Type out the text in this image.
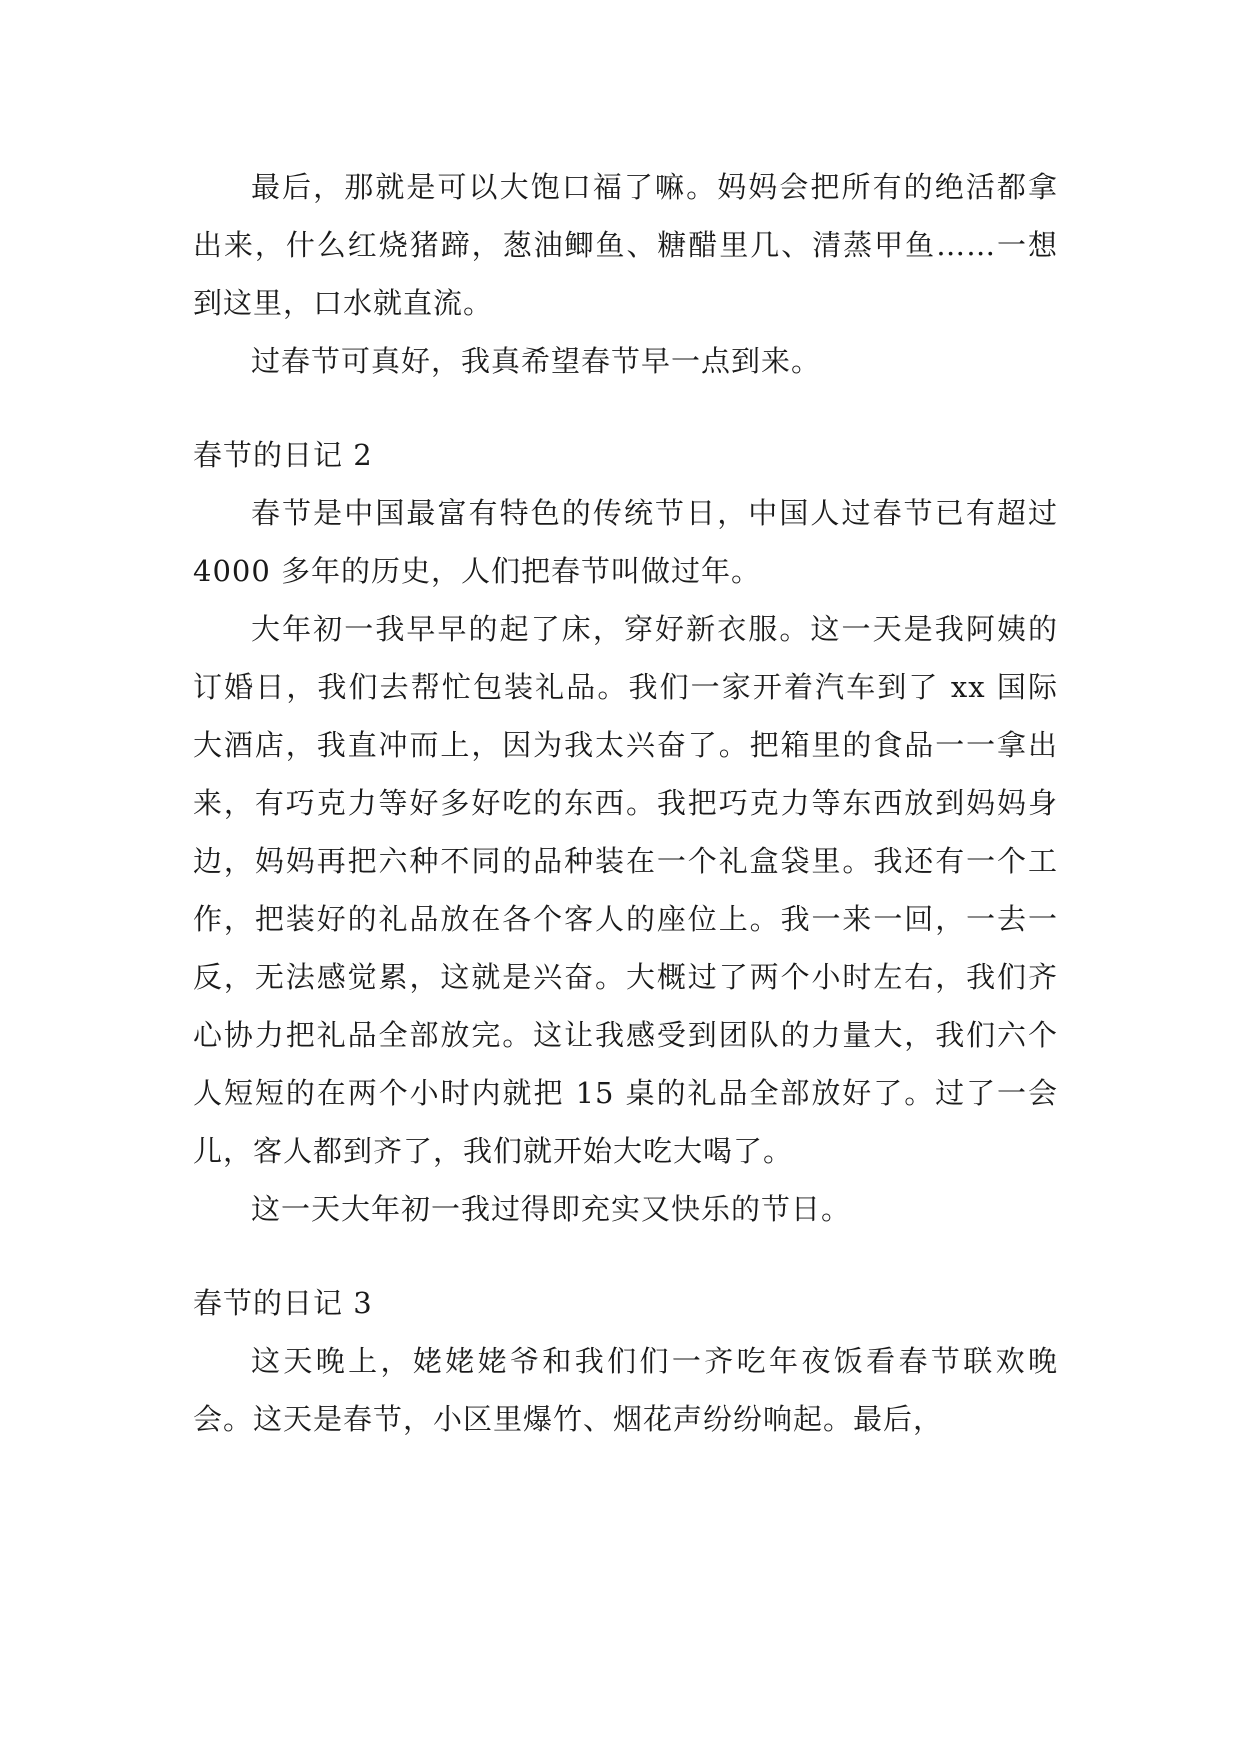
最后，那就是可以大饱口福了嘛。妈妈会把所有的绝活都拿出来，什么红烧猪蹄，葱油鲫鱼、糖醋里几、清蒸甲鱼……一想到这里，口水就直流。

过春节可真好，我真希望春节早一点到来。

春节的日记 2

春节是中国最富有特色的传统节日，中国人过春节已有超过 4000 多年的历史，人们把春节叫做过年。

大年初一我早早的起了床，穿好新衣服。这一天是我阿姨的订婚日，我们去帮忙包装礼品。我们一家开着汽车到了 xx 国际大酒店，我直冲而上，因为我太兴奋了。把箱里的食品一一拿出来，有巧克力等好多好吃的东西。我把巧克力等东西放到妈妈身边，妈妈再把六种不同的品种装在一个礼盒袋里。我还有一个工作，把装好的礼品放在各个客人的座位上。我一来一回，一去一反，无法感觉累，这就是兴奋。大概过了两个小时左右，我们齐心协力把礼品全部放完。这让我感受到团队的力量大，我们六个人短短的在两个小时内就把 15 桌的礼品全部放好了。过了一会儿，客人都到齐了，我们就开始大吃大喝了。

这一天大年初一我过得即充实又快乐的节日。

春节的日记 3

这天晚上，姥姥姥爷和我们们一齐吃年夜饭看春节联欢晚会。这天是春节，小区里爆竹、烟花声纷纷响起。最后，
